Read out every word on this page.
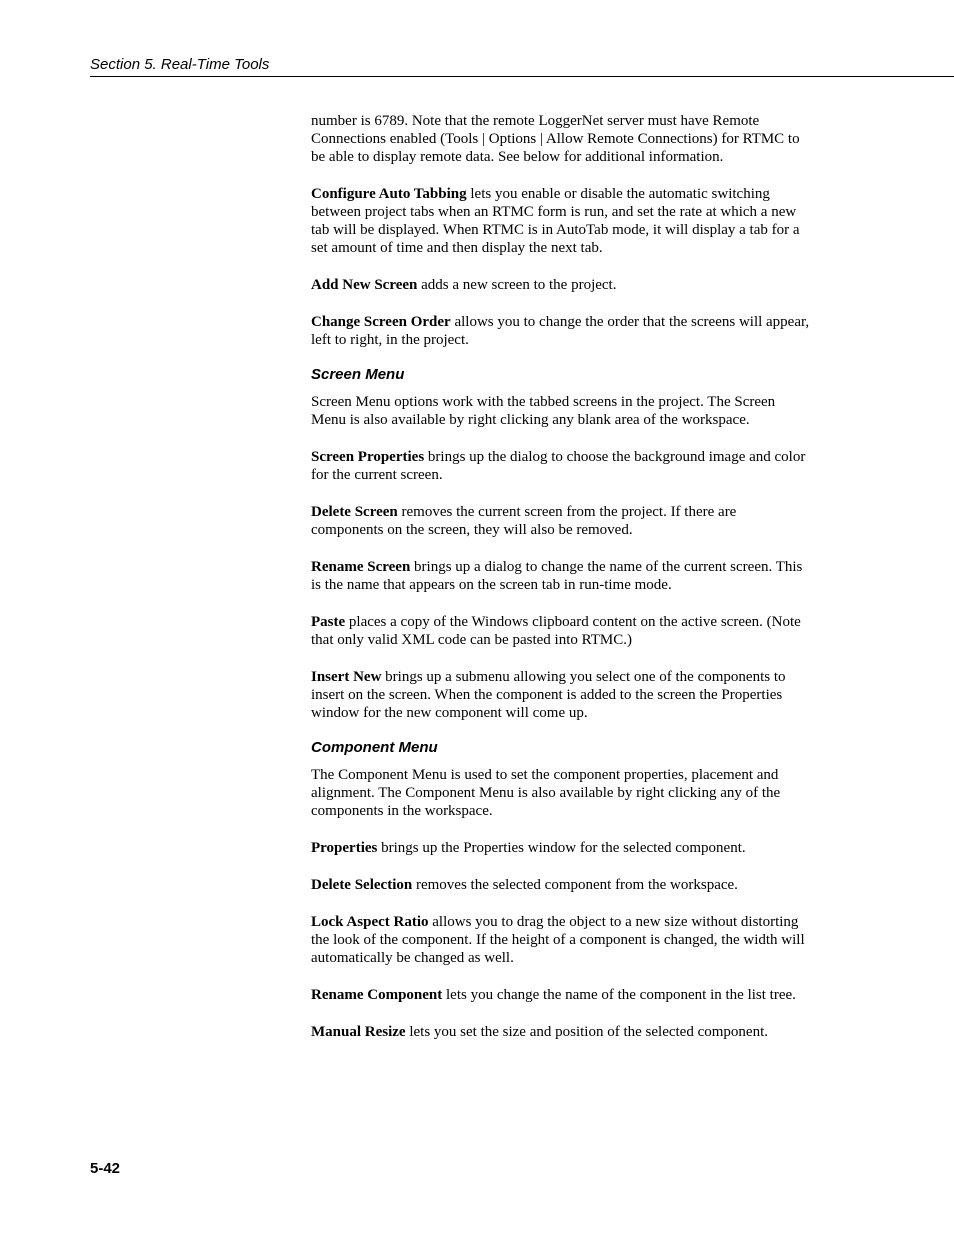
Section 5. Real-Time Tools

number is 6789. Note that the remote LoggerNet server must have Remote Connections enabled (Tools | Options | Allow Remote Connections) for RTMC to be able to display remote data. See below for additional information.

Configure Auto Tabbing lets you enable or disable the automatic switching between project tabs when an RTMC form is run, and set the rate at which a new tab will be displayed. When RTMC is in AutoTab mode, it will display a tab for a set amount of time and then display the next tab.

Add New Screen adds a new screen to the project.

Change Screen Order allows you to change the order that the screens will appear, left to right, in the project.

Screen Menu

Screen Menu options work with the tabbed screens in the project. The Screen Menu is also available by right clicking any blank area of the workspace.

Screen Properties brings up the dialog to choose the background image and color for the current screen.

Delete Screen removes the current screen from the project. If there are components on the screen, they will also be removed.

Rename Screen brings up a dialog to change the name of the current screen. This is the name that appears on the screen tab in run-time mode.

Paste places a copy of the Windows clipboard content on the active screen. (Note that only valid XML code can be pasted into RTMC.)

Insert New brings up a submenu allowing you select one of the components to insert on the screen. When the component is added to the screen the Properties window for the new component will come up.

Component Menu

The Component Menu is used to set the component properties, placement and alignment. The Component Menu is also available by right clicking any of the components in the workspace.

Properties brings up the Properties window for the selected component.

Delete Selection removes the selected component from the workspace.

Lock Aspect Ratio allows you to drag the object to a new size without distorting the look of the component. If the height of a component is changed, the width will automatically be changed as well.

Rename Component lets you change the name of the component in the list tree.

Manual Resize lets you set the size and position of the selected component.

5-42
